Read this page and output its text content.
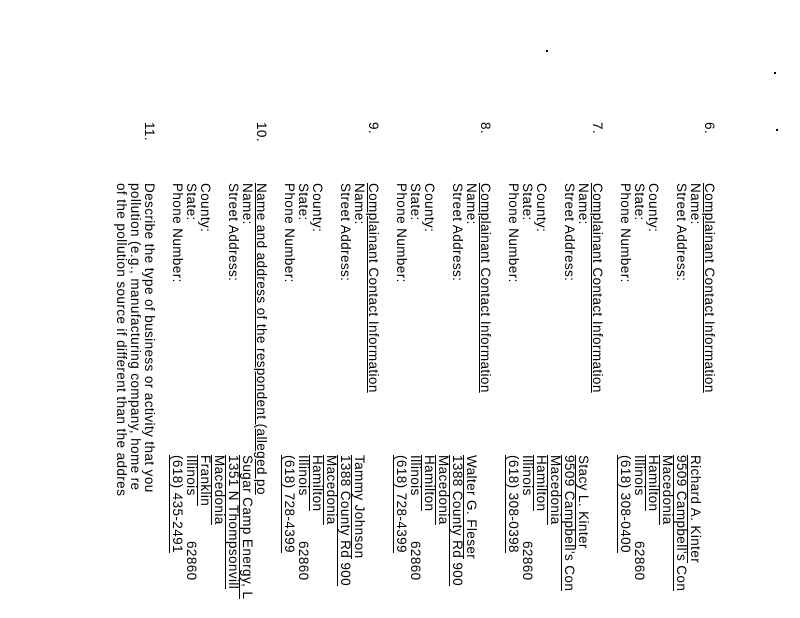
6.
Complainant Contact Information
Name:
Street Address:
County:
State:
Phone Number:
Richard A. Kinter
9509 Campbell's Con
Macedonia
Hamilton
Illinois
62860
(618) 308-0400
7.
Complainant Contact Information
Name:
Street Address:
County:
State:
Phone Number:
Stacy L. Kinter
9509 Campbell's Con
Macedonia
Hamilton
Illinois
62860
(618) 308-0398
8.
Complainant Contact Information
Name:
Street Address:
County:
State:
Phone Number:
Walter G. Fleser
1388 County Rd 900
Macedonia
Hamilton
Illinois
62860
(618) 728-4399
9.
Complainant Contact Information
Name:
Street Address:
County:
State:
Phone Number:
Tammy Johnson
1388 County Rd 900
Macedonia
Hamilton
Illinois
62860
(618) 728-4399
10.
Name and address of the respondent (alleged po
Name:
Street Address:
County:
State:
Phone Number:
Sugar Camp Energy, L
1351 N Thompsonvill
Macedonia
Franklin
Illinois
62860
(618) 435-2491
11.
Describe the type of business or activity that you
pollution (e.g., manufacturing company, home re
of the pollution source if different than the addres
